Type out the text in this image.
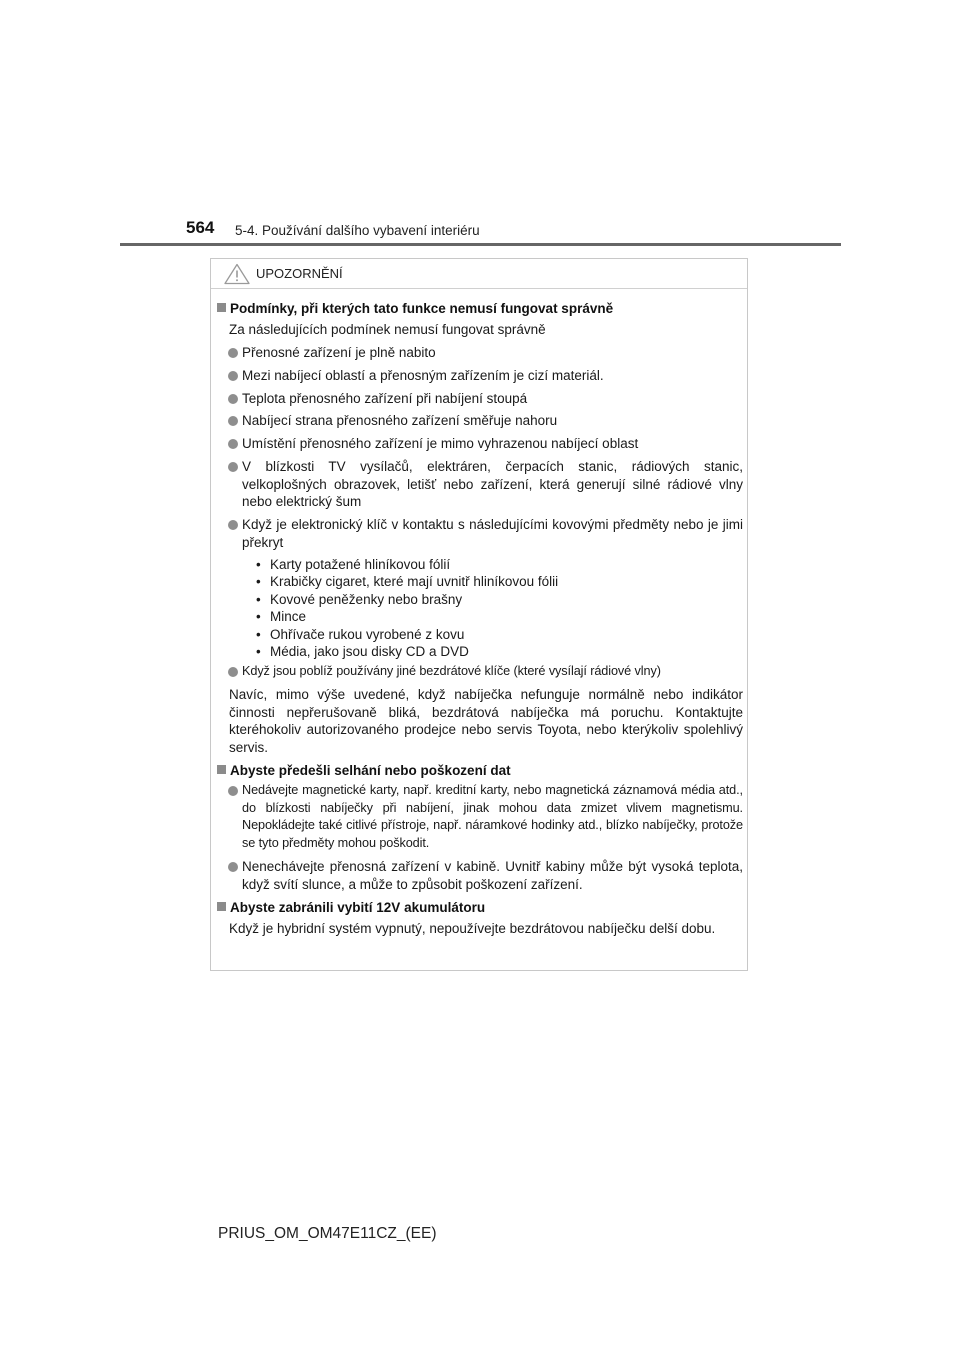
564 5-4. Používání dalšího vybavení interiéru
UPOZORNĚNÍ
Podmínky, při kterých tato funkce nemusí fungovat správně
Za následujících podmínek nemusí fungovat správně
Přenosné zařízení je plně nabito
Mezi nabíjecí oblastí a přenosným zařízením je cizí materiál.
Teplota přenosného zařízení při nabíjení stoupá
Nabíjecí strana přenosného zařízení směřuje nahoru
Umístění přenosného zařízení je mimo vyhrazenou nabíjecí oblast
V blízkosti TV vysílačů, elektráren, čerpacích stanic, rádiových stanic, velkoplošných obrazovek, letišť nebo zařízení, která generují silné rádiové vlny nebo elektrický šum
Když je elektronický klíč v kontaktu s následujícími kovovými předměty nebo je jimi překryt
• Karty potažené hliníkovou fólií
• Krabičky cigaret, které mají uvnitř hliníkovou fólii
• Kovové peněženky nebo brašny
• Mince
• Ohřívače rukou vyrobené z kovu
• Média, jako jsou disky CD a DVD
Když jsou poblíž používány jiné bezdrátové klíče (které vysílají rádiové vlny)
Navíc, mimo výše uvedené, když nabíječka nefunguje normálně nebo indikátor činnosti nepřerušovaně bliká, bezdrátová nabíječka má poruchu. Kontaktujte kteréhokoliv autorizovaného prodejce nebo servis Toyota, nebo kterýkoliv spolehlivý servis.
Abyste předešli selhání nebo poškození dat
Nedávejte magnetické karty, např. kreditní karty, nebo magnetická záznamová média atd., do blízkosti nabíječky při nabíjení, jinak mohou data zmizet vlivem magnetismu. Nepokládejte také citlivé přístroje, např. náramkové hodinky atd., blízko nabíječky, protože se tyto předměty mohou poškodit.
Nenechávejte přenosná zařízení v kabině. Uvnitř kabiny může být vysoká teplota, když svítí slunce, a může to způsobit poškození zařízení.
Abyste zabránili vybití 12V akumulátoru
Když je hybridní systém vypnutý, nepoužívejte bezdrátovou nabíječku delší dobu.
PRIUS_OM_OM47E11CZ_(EE)
